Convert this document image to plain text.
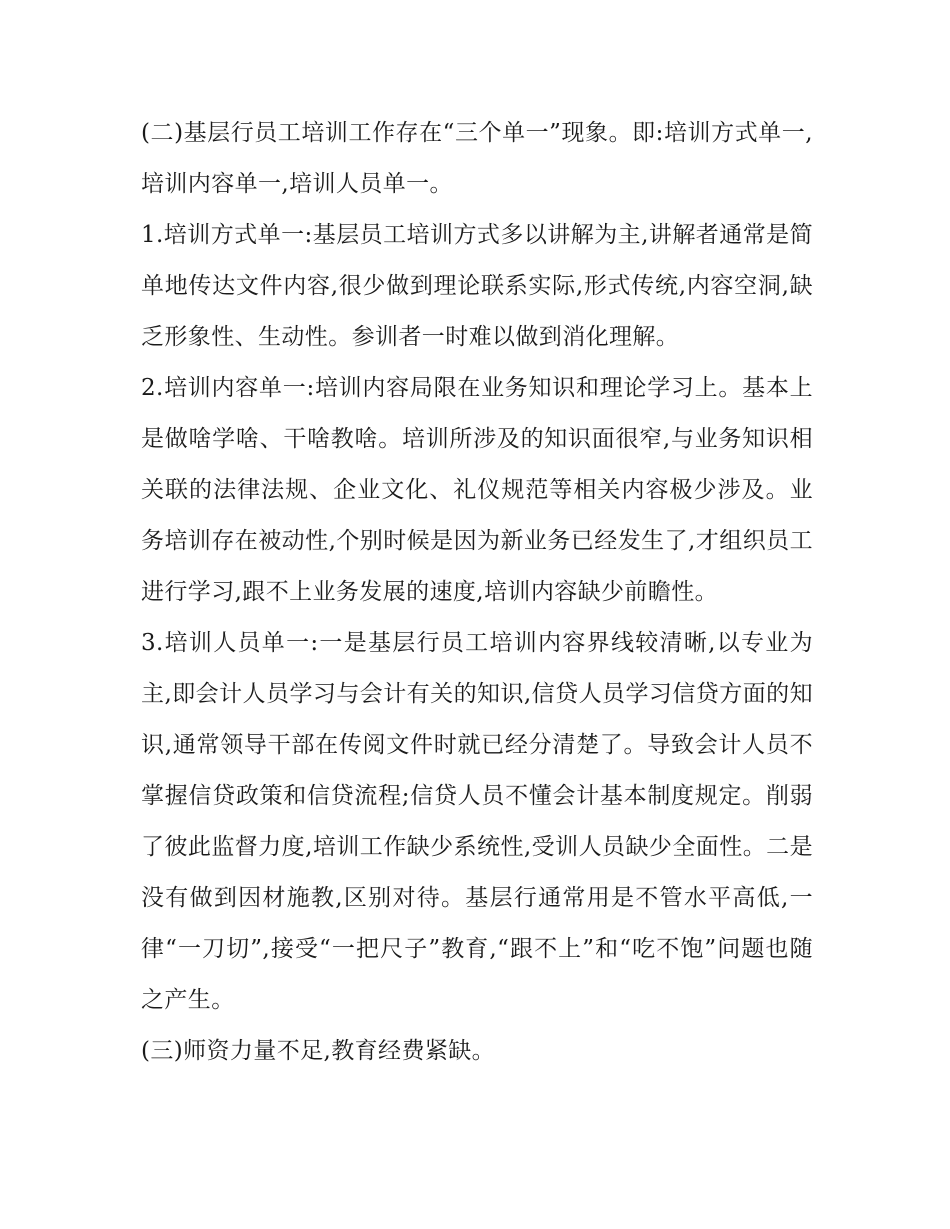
(二)基层行员工培训工作存在“三个单一”现象。即:培训方式单一,培训内容单一,培训人员单一。

1.培训方式单一:基层员工培训方式多以讲解为主,讲解者通常是简单地传达文件内容,很少做到理论联系实际,形式传统,内容空洞,缺乏形象性、生动性。参训者一时难以做到消化理解。

2.培训内容单一:培训内容局限在业务知识和理论学习上。基本上是做啥学啥、干啥教啥。培训所涉及的知识面很窄,与业务知识相关联的法律法规、企业文化、礼仪规范等相关内容极少涉及。业务培训存在被动性,个别时候是因为新业务已经发生了,才组织员工进行学习,跟不上业务发展的速度,培训内容缺少前瞻性。

3.培训人员单一:一是基层行员工培训内容界线较清晰,以专业为主,即会计人员学习与会计有关的知识,信贷人员学习信贷方面的知识,通常领导干部在传阅文件时就已经分清楚了。导致会计人员不掌握信贷政策和信贷流程;信贷人员不懂会计基本制度规定。削弱了彼此监督力度,培训工作缺少系统性,受训人员缺少全面性。二是没有做到因材施教,区别对待。基层行通常用是不管水平高低,一律“一刀切”,接受“一把尺子”教育,“跟不上”和“吃不饱”问题也随之产生。

(三)师资力量不足,教育经费紧缺。
